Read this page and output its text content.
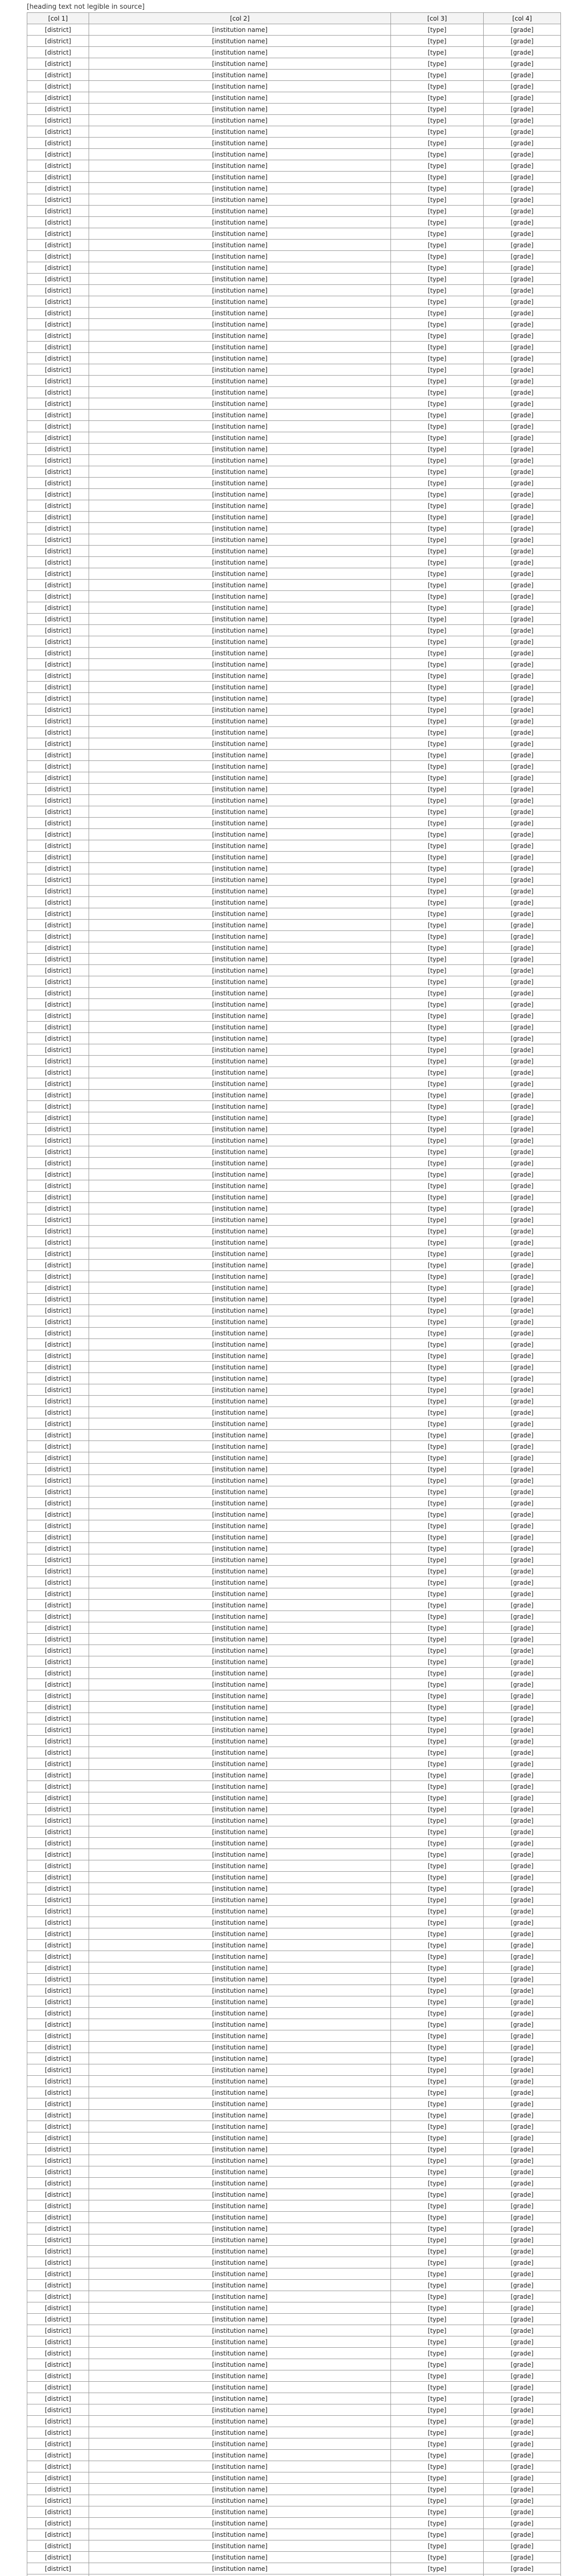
[heading text not legible in source]
[col 1]	[col 2]	[col 3]	[col 4]
[district]	[institution name]	[type]	[grade]
[district]	[institution name]	[type]	[grade]
[district]	[institution name]	[type]	[grade]
[district]	[institution name]	[type]	[grade]
[district]	[institution name]	[type]	[grade]
[district]	[institution name]	[type]	[grade]
[district]	[institution name]	[type]	[grade]
[district]	[institution name]	[type]	[grade]
[district]	[institution name]	[type]	[grade]
[district]	[institution name]	[type]	[grade]
[district]	[institution name]	[type]	[grade]
[district]	[institution name]	[type]	[grade]
[district]	[institution name]	[type]	[grade]
[district]	[institution name]	[type]	[grade]
[district]	[institution name]	[type]	[grade]
[district]	[institution name]	[type]	[grade]
[district]	[institution name]	[type]	[grade]
[district]	[institution name]	[type]	[grade]
[district]	[institution name]	[type]	[grade]
[district]	[institution name]	[type]	[grade]
[district]	[institution name]	[type]	[grade]
[district]	[institution name]	[type]	[grade]
[district]	[institution name]	[type]	[grade]
[district]	[institution name]	[type]	[grade]
[district]	[institution name]	[type]	[grade]
[district]	[institution name]	[type]	[grade]
[district]	[institution name]	[type]	[grade]
[district]	[institution name]	[type]	[grade]
[district]	[institution name]	[type]	[grade]
[district]	[institution name]	[type]	[grade]
[district]	[institution name]	[type]	[grade]
[district]	[institution name]	[type]	[grade]
[district]	[institution name]	[type]	[grade]
[district]	[institution name]	[type]	[grade]
[district]	[institution name]	[type]	[grade]
[district]	[institution name]	[type]	[grade]
[district]	[institution name]	[type]	[grade]
[district]	[institution name]	[type]	[grade]
[district]	[institution name]	[type]	[grade]
[district]	[institution name]	[type]	[grade]
[district]	[institution name]	[type]	[grade]
[district]	[institution name]	[type]	[grade]
[district]	[institution name]	[type]	[grade]
[district]	[institution name]	[type]	[grade]
[district]	[institution name]	[type]	[grade]
[district]	[institution name]	[type]	[grade]
[district]	[institution name]	[type]	[grade]
[district]	[institution name]	[type]	[grade]
[district]	[institution name]	[type]	[grade]
[district]	[institution name]	[type]	[grade]
[district]	[institution name]	[type]	[grade]
[district]	[institution name]	[type]	[grade]
[district]	[institution name]	[type]	[grade]
[district]	[institution name]	[type]	[grade]
[district]	[institution name]	[type]	[grade]
[district]	[institution name]	[type]	[grade]
[district]	[institution name]	[type]	[grade]
[district]	[institution name]	[type]	[grade]
[district]	[institution name]	[type]	[grade]
[district]	[institution name]	[type]	[grade]
[district]	[institution name]	[type]	[grade]
[district]	[institution name]	[type]	[grade]
[district]	[institution name]	[type]	[grade]
[district]	[institution name]	[type]	[grade]
[district]	[institution name]	[type]	[grade]
[district]	[institution name]	[type]	[grade]
[district]	[institution name]	[type]	[grade]
[district]	[institution name]	[type]	[grade]
[district]	[institution name]	[type]	[grade]
[district]	[institution name]	[type]	[grade]
[district]	[institution name]	[type]	[grade]
[district]	[institution name]	[type]	[grade]
[district]	[institution name]	[type]	[grade]
[district]	[institution name]	[type]	[grade]
[district]	[institution name]	[type]	[grade]
[district]	[institution name]	[type]	[grade]
[district]	[institution name]	[type]	[grade]
[district]	[institution name]	[type]	[grade]
[district]	[institution name]	[type]	[grade]
[district]	[institution name]	[type]	[grade]
[district]	[institution name]	[type]	[grade]
[district]	[institution name]	[type]	[grade]
[district]	[institution name]	[type]	[grade]
[district]	[institution name]	[type]	[grade]
[district]	[institution name]	[type]	[grade]
[district]	[institution name]	[type]	[grade]
[district]	[institution name]	[type]	[grade]
[district]	[institution name]	[type]	[grade]
[district]	[institution name]	[type]	[grade]
[district]	[institution name]	[type]	[grade]
[district]	[institution name]	[type]	[grade]
[district]	[institution name]	[type]	[grade]
[district]	[institution name]	[type]	[grade]
[district]	[institution name]	[type]	[grade]
[district]	[institution name]	[type]	[grade]
[district]	[institution name]	[type]	[grade]
[district]	[institution name]	[type]	[grade]
[district]	[institution name]	[type]	[grade]
[district]	[institution name]	[type]	[grade]
[district]	[institution name]	[type]	[grade]
[district]	[institution name]	[type]	[grade]
[district]	[institution name]	[type]	[grade]
[district]	[institution name]	[type]	[grade]
[district]	[institution name]	[type]	[grade]
[district]	[institution name]	[type]	[grade]
[district]	[institution name]	[type]	[grade]
[district]	[institution name]	[type]	[grade]
[district]	[institution name]	[type]	[grade]
[district]	[institution name]	[type]	[grade]
[district]	[institution name]	[type]	[grade]
[district]	[institution name]	[type]	[grade]
[district]	[institution name]	[type]	[grade]
[district]	[institution name]	[type]	[grade]
[district]	[institution name]	[type]	[grade]
[district]	[institution name]	[type]	[grade]
[district]	[institution name]	[type]	[grade]
[district]	[institution name]	[type]	[grade]
[district]	[institution name]	[type]	[grade]
[district]	[institution name]	[type]	[grade]
[district]	[institution name]	[type]	[grade]
[district]	[institution name]	[type]	[grade]
[district]	[institution name]	[type]	[grade]
[district]	[institution name]	[type]	[grade]
[district]	[institution name]	[type]	[grade]
[district]	[institution name]	[type]	[grade]
[district]	[institution name]	[type]	[grade]
[district]	[institution name]	[type]	[grade]
[district]	[institution name]	[type]	[grade]
[district]	[institution name]	[type]	[grade]
[district]	[institution name]	[type]	[grade]
[district]	[institution name]	[type]	[grade]
[district]	[institution name]	[type]	[grade]
[district]	[institution name]	[type]	[grade]
[district]	[institution name]	[type]	[grade]
[district]	[institution name]	[type]	[grade]
[district]	[institution name]	[type]	[grade]
[district]	[institution name]	[type]	[grade]
[district]	[institution name]	[type]	[grade]
[district]	[institution name]	[type]	[grade]
[district]	[institution name]	[type]	[grade]
[district]	[institution name]	[type]	[grade]
[district]	[institution name]	[type]	[grade]
[district]	[institution name]	[type]	[grade]
[district]	[institution name]	[type]	[grade]
[district]	[institution name]	[type]	[grade]
[district]	[institution name]	[type]	[grade]
[district]	[institution name]	[type]	[grade]
[district]	[institution name]	[type]	[grade]
[district]	[institution name]	[type]	[grade]
[district]	[institution name]	[type]	[grade]
[district]	[institution name]	[type]	[grade]
[district]	[institution name]	[type]	[grade]
[district]	[institution name]	[type]	[grade]
[district]	[institution name]	[type]	[grade]
[district]	[institution name]	[type]	[grade]
[district]	[institution name]	[type]	[grade]
[district]	[institution name]	[type]	[grade]
[district]	[institution name]	[type]	[grade]
[district]	[institution name]	[type]	[grade]
[district]	[institution name]	[type]	[grade]
[district]	[institution name]	[type]	[grade]
[district]	[institution name]	[type]	[grade]
[district]	[institution name]	[type]	[grade]
[district]	[institution name]	[type]	[grade]
[district]	[institution name]	[type]	[grade]
[district]	[institution name]	[type]	[grade]
[district]	[institution name]	[type]	[grade]
[district]	[institution name]	[type]	[grade]
[district]	[institution name]	[type]	[grade]
[district]	[institution name]	[type]	[grade]
[district]	[institution name]	[type]	[grade]
[district]	[institution name]	[type]	[grade]
[district]	[institution name]	[type]	[grade]
[district]	[institution name]	[type]	[grade]
[district]	[institution name]	[type]	[grade]
[district]	[institution name]	[type]	[grade]
[district]	[institution name]	[type]	[grade]
[district]	[institution name]	[type]	[grade]
[district]	[institution name]	[type]	[grade]
[district]	[institution name]	[type]	[grade]
[district]	[institution name]	[type]	[grade]
[district]	[institution name]	[type]	[grade]
[district]	[institution name]	[type]	[grade]
[district]	[institution name]	[type]	[grade]
[district]	[institution name]	[type]	[grade]
[district]	[institution name]	[type]	[grade]
[district]	[institution name]	[type]	[grade]
[district]	[institution name]	[type]	[grade]
[district]	[institution name]	[type]	[grade]
[district]	[institution name]	[type]	[grade]
[district]	[institution name]	[type]	[grade]
[district]	[institution name]	[type]	[grade]
[district]	[institution name]	[type]	[grade]
[district]	[institution name]	[type]	[grade]
[district]	[institution name]	[type]	[grade]
[district]	[institution name]	[type]	[grade]
[district]	[institution name]	[type]	[grade]
[district]	[institution name]	[type]	[grade]
[district]	[institution name]	[type]	[grade]
[district]	[institution name]	[type]	[grade]
[district]	[institution name]	[type]	[grade]
[district]	[institution name]	[type]	[grade]
[district]	[institution name]	[type]	[grade]
[district]	[institution name]	[type]	[grade]
[district]	[institution name]	[type]	[grade]
[district]	[institution name]	[type]	[grade]
[district]	[institution name]	[type]	[grade]
[district]	[institution name]	[type]	[grade]
[district]	[institution name]	[type]	[grade]
[district]	[institution name]	[type]	[grade]
[district]	[institution name]	[type]	[grade]
[district]	[institution name]	[type]	[grade]
[district]	[institution name]	[type]	[grade]
[district]	[institution name]	[type]	[grade]
[district]	[institution name]	[type]	[grade]
[district]	[institution name]	[type]	[grade]
[district]	[institution name]	[type]	[grade]
[district]	[institution name]	[type]	[grade]
[district]	[institution name]	[type]	[grade]
[district]	[institution name]	[type]	[grade]
[district]	[institution name]	[type]	[grade]
[district]	[institution name]	[type]	[grade]
[district]	[institution name]	[type]	[grade]
[district]	[institution name]	[type]	[grade]
[district]	[institution name]	[type]	[grade]
